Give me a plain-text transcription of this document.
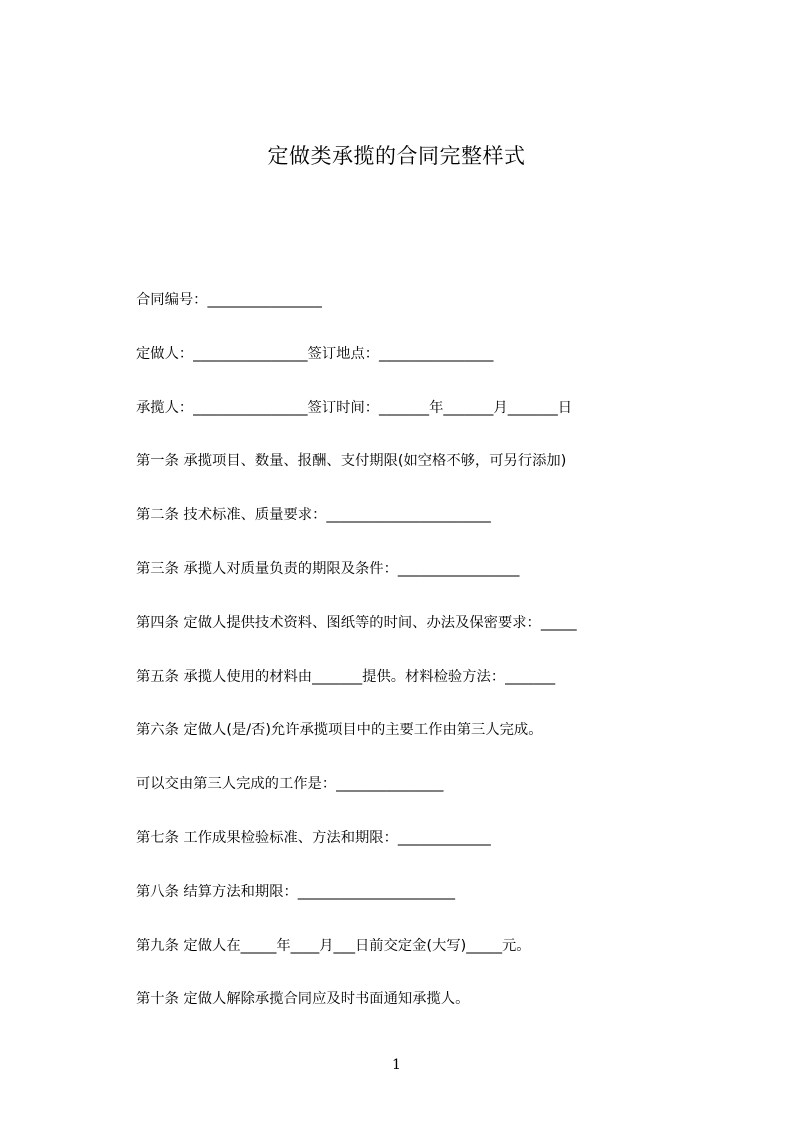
定做类承揽的合同完整样式
合同编号：________________
定做人：________________签订地点：________________
承揽人：________________签订时间：_______年_______月_______日
第一条 承揽项目、数量、报酬、支付期限(如空格不够，可另行添加)
第二条 技术标准、质量要求：_______________________
第三条 承揽人对质量负责的期限及条件：_________________
第四条 定做人提供技术资料、图纸等的时间、办法及保密要求：_____
第五条 承揽人使用的材料由_______提供。材料检验方法：_______
第六条 定做人(是/否)允许承揽项目中的主要工作由第三人完成。
可以交由第三人完成的工作是：_______________
第七条 工作成果检验标准、方法和期限：_____________
第八条 结算方法和期限：______________________
第九条 定做人在_____年____月___日前交定金(大写)_____元。
第十条 定做人解除承揽合同应及时书面通知承揽人。
1
